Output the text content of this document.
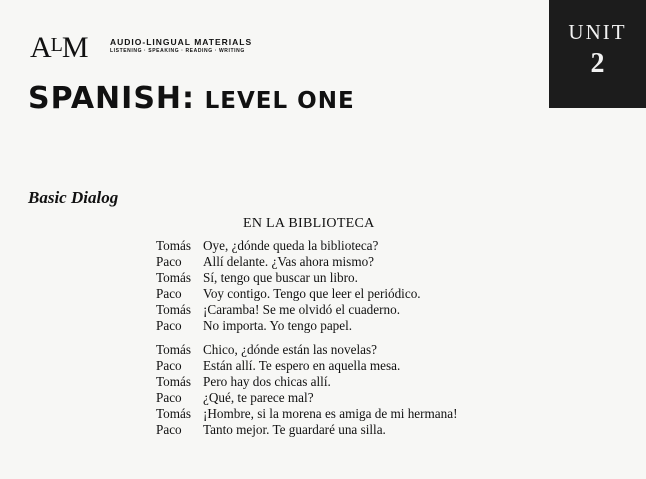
$A^LM$	AUDIO-LINGUAL MATERIALS
LISTENING · SPEAKING · READING · WRITING
SPANISH: LEVEL ONE
UNIT
2
Basic Dialog
EN LA BIBLIOTECA
Tomás Oye, ¿dónde queda la biblioteca?
Paco	Allí delante. ¿Vas ahora mismo?
Tomás Sí, tengo que buscar un libro.
Paco	Voy contigo. Tengo que leer el periódico.
Tomás ¡Caramba! Se me olvidó el cuaderno.
Paco	No importa. Yo tengo papel.
Tomás Chico, ¿dónde están las novelas?
Paco	Están allí. Te espero en aquella mesa.
Tomás Pero hay dos chicas allí.
Paco	¿Qué, te parece mal?
Tomás ¡Hombre, si la morena es amiga de mi hermana!
Paco	Tanto mejor. Te guardaré una silla.
